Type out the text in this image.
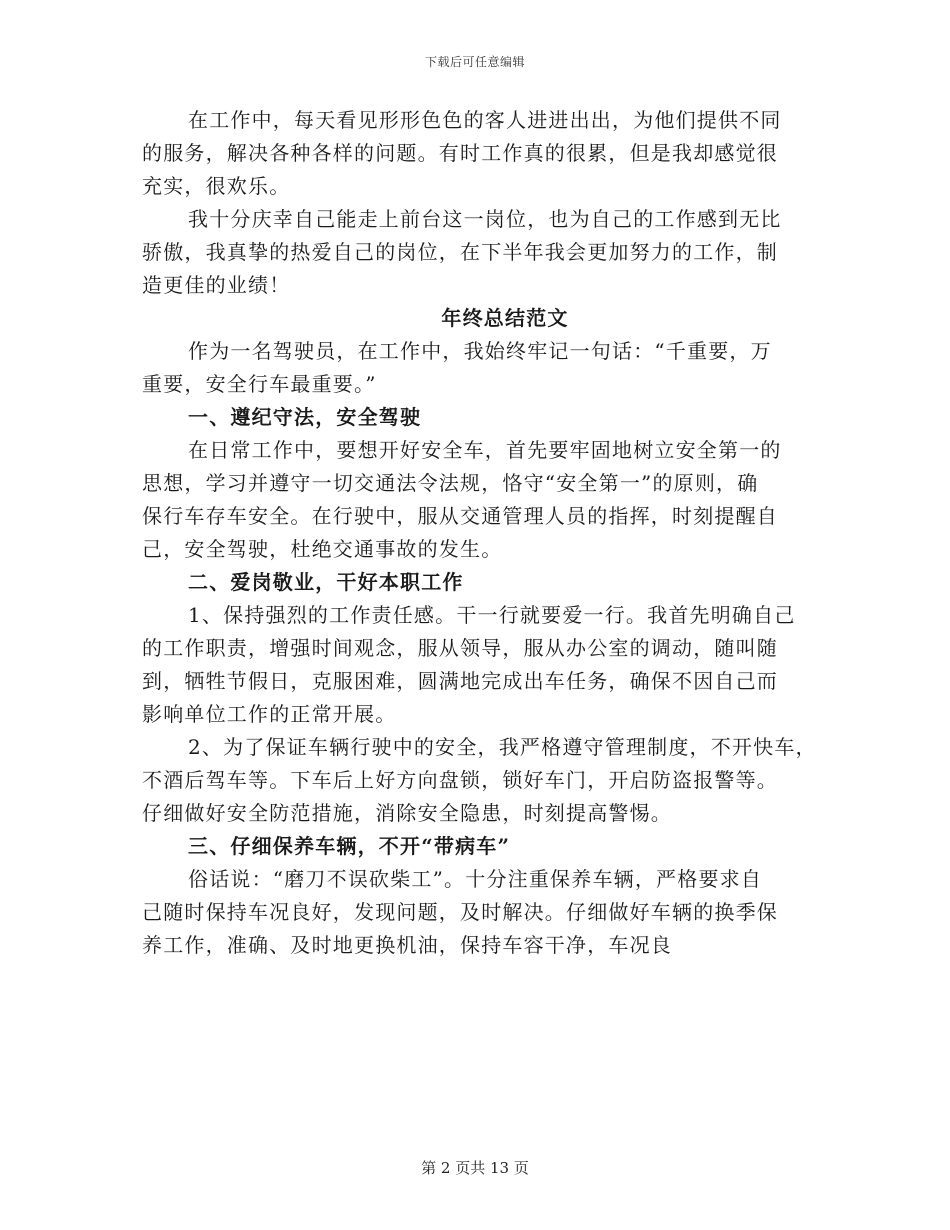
下载后可任意编辑
在工作中，每天看见形形色色的客人进进出出，为他们提供不同
的服务，解决各种各样的问题。有时工作真的很累，但是我却感觉很
充实，很欢乐。
我十分庆幸自己能走上前台这一岗位，也为自己的工作感到无比
骄傲，我真挚的热爱自己的岗位，在下半年我会更加努力的工作，制
造更佳的业绩！
年终总结范文
作为一名驾驶员，在工作中，我始终牢记一句话：“千重要，万
重要，安全行车最重要。”
一、遵纪守法，安全驾驶
在日常工作中，要想开好安全车，首先要牢固地树立安全第一的
思想，学习并遵守一切交通法令法规，恪守“安全第一”的原则，确
保行车存车安全。在行驶中，服从交通管理人员的指挥，时刻提醒自
己，安全驾驶，杜绝交通事故的发生。
二、爱岗敬业，干好本职工作
1、保持强烈的工作责任感。干一行就要爱一行。我首先明确自己
的工作职责，增强时间观念，服从领导，服从办公室的调动，随叫随
到，牺牲节假日，克服困难，圆满地完成出车任务，确保不因自己而
影响单位工作的正常开展。
2、为了保证车辆行驶中的安全，我严格遵守管理制度，不开快车，
不酒后驾车等。下车后上好方向盘锁，锁好车门，开启防盗报警等。
仔细做好安全防范措施，消除安全隐患，时刻提高警惕。
三、仔细保养车辆，不开“带病车”
俗话说：“磨刀不误砍柴工”。十分注重保养车辆，严格要求自
己随时保持车况良好，发现问题，及时解决。仔细做好车辆的换季保
养工作，准确、及时地更换机油，保持车容干净，车况良
第 2 页共 13 页
